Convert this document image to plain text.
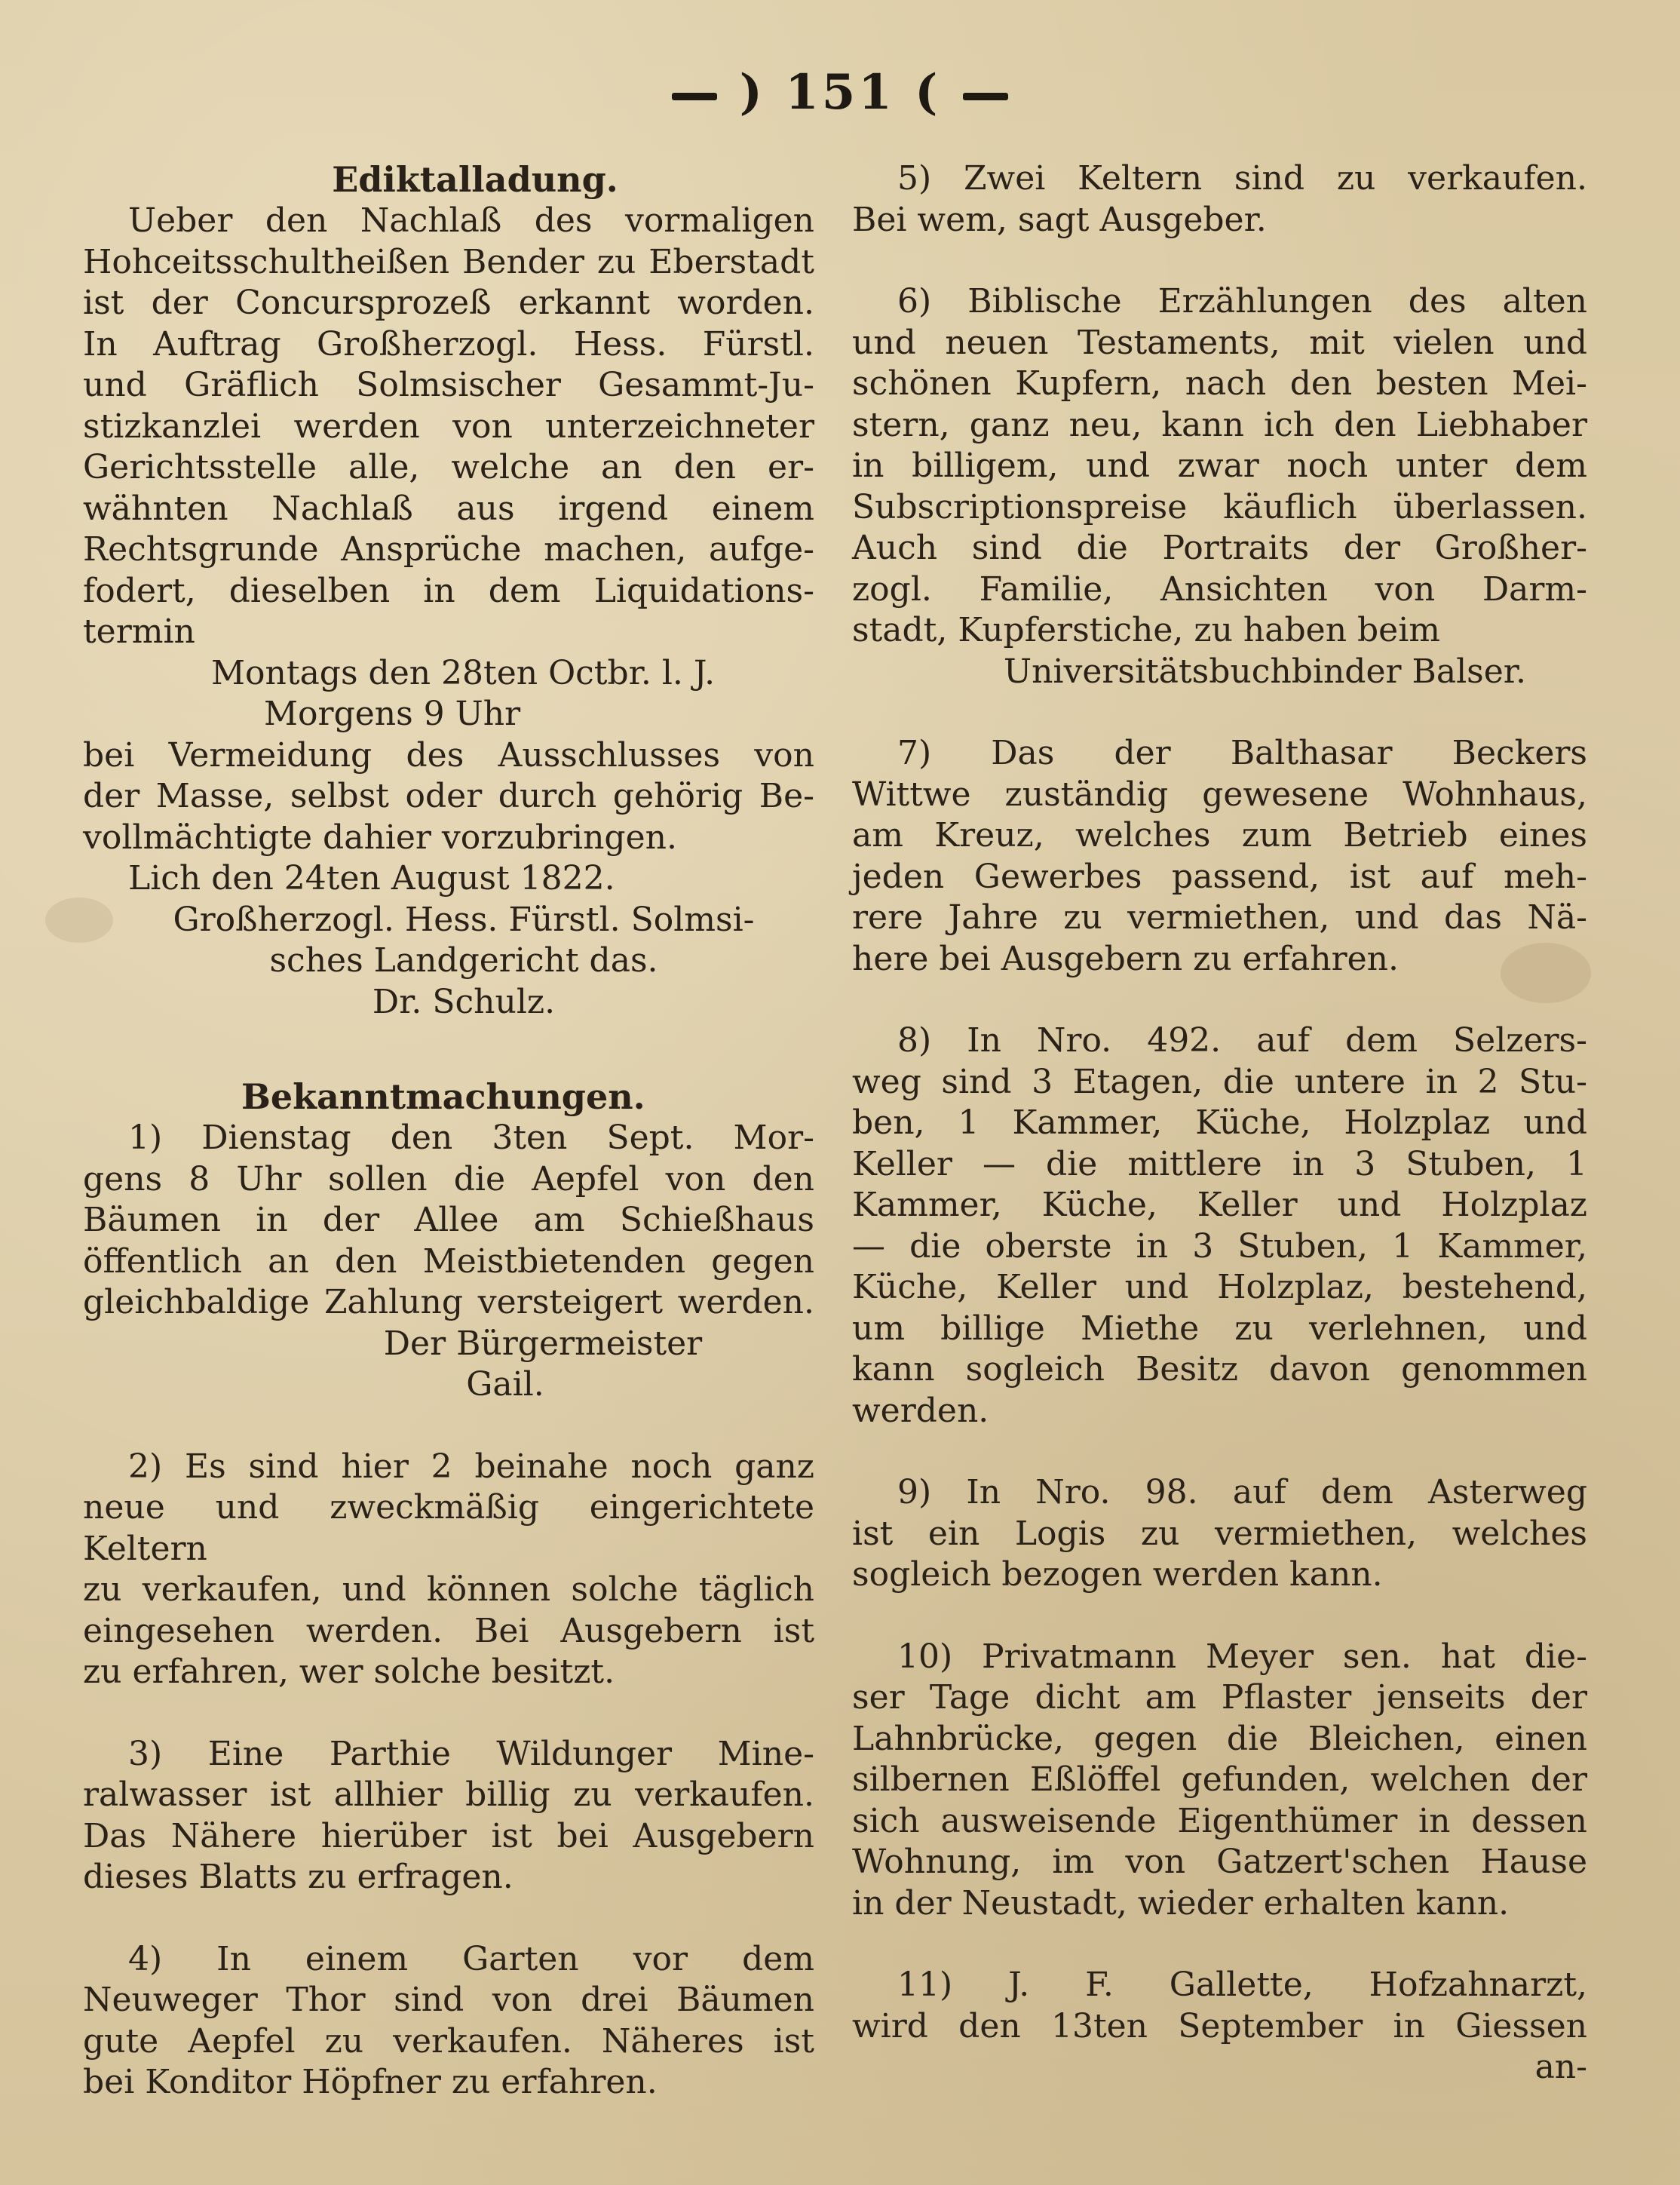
) 151 (

Ediktalladung.

Ueber den Nachlaß des vormaligen

Hohceitsschultheißen Bender zu Eberstadt

ist der Concursprozeß erkannt worden.

In Auftrag Großherzogl. Hess. Fürstl.

und Gräflich Solmsischer Gesammt-Ju-

stizkanzlei werden von unterzeichneter

Gerichtsstelle alle, welche an den er-

wähnten Nachlaß aus irgend einem

Rechtsgrunde Ansprüche machen, aufge-

fodert, dieselben in dem Liquidations-

termin

Montags den 28ten Octbr. l. J.

Morgens 9 Uhr

bei Vermeidung des Ausschlusses von

der Masse, selbst oder durch gehörig Be-

vollmächtigte dahier vorzubringen.

Lich den 24ten August 1822.

Großherzogl. Hess. Fürstl. Solmsi-

sches Landgericht das.

Dr. Schulz.

Bekanntmachungen.

1) Dienstag den 3ten Sept. Mor-

gens 8 Uhr sollen die Aepfel von den

Bäumen in der Allee am Schießhaus

öffentlich an den Meistbietenden gegen

gleichbaldige Zahlung versteigert werden.

Der Bürgermeister

Gail.

2) Es sind hier 2 beinahe noch ganz

neue und zweckmäßig eingerichtete Keltern

zu verkaufen, und können solche täglich

eingesehen werden. Bei Ausgebern ist

zu erfahren, wer solche besitzt.

3) Eine Parthie Wildunger Mine-

ralwasser ist allhier billig zu verkaufen.

Das Nähere hierüber ist bei Ausgebern

dieses Blatts zu erfragen.

4) In einem Garten vor dem

Neuweger Thor sind von drei Bäumen

gute Aepfel zu verkaufen. Näheres ist

bei Konditor Höpfner zu erfahren.

5) Zwei Keltern sind zu verkaufen.

Bei wem, sagt Ausgeber.

6) Biblische Erzählungen des alten

und neuen Testaments, mit vielen und

schönen Kupfern, nach den besten Mei-

stern, ganz neu, kann ich den Liebhaber

in billigem, und zwar noch unter dem

Subscriptionspreise käuflich überlassen.

Auch sind die Portraits der Großher-

zogl. Familie, Ansichten von Darm-

stadt, Kupferstiche, zu haben beim

Universitätsbuchbinder Balser.

7) Das der Balthasar Beckers

Wittwe zuständig gewesene Wohnhaus,

am Kreuz, welches zum Betrieb eines

jeden Gewerbes passend, ist auf meh-

rere Jahre zu vermiethen, und das Nä-

here bei Ausgebern zu erfahren.

8) In Nro. 492. auf dem Selzers-

weg sind 3 Etagen, die untere in 2 Stu-

ben, 1 Kammer, Küche, Holzplaz und

Keller — die mittlere in 3 Stuben, 1

Kammer, Küche, Keller und Holzplaz

— die oberste in 3 Stuben, 1 Kammer,

Küche, Keller und Holzplaz, bestehend,

um billige Miethe zu verlehnen, und

kann sogleich Besitz davon genommen

werden.

9) In Nro. 98. auf dem Asterweg

ist ein Logis zu vermiethen, welches

sogleich bezogen werden kann.

10) Privatmann Meyer sen. hat die-

ser Tage dicht am Pflaster jenseits der

Lahnbrücke, gegen die Bleichen, einen

silbernen Eßlöffel gefunden, welchen der

sich ausweisende Eigenthümer in dessen

Wohnung, im von Gatzert'schen Hause

in der Neustadt, wieder erhalten kann.

11) J. F. Gallette, Hofzahnarzt,

wird den 13ten September in Giessen

an-
